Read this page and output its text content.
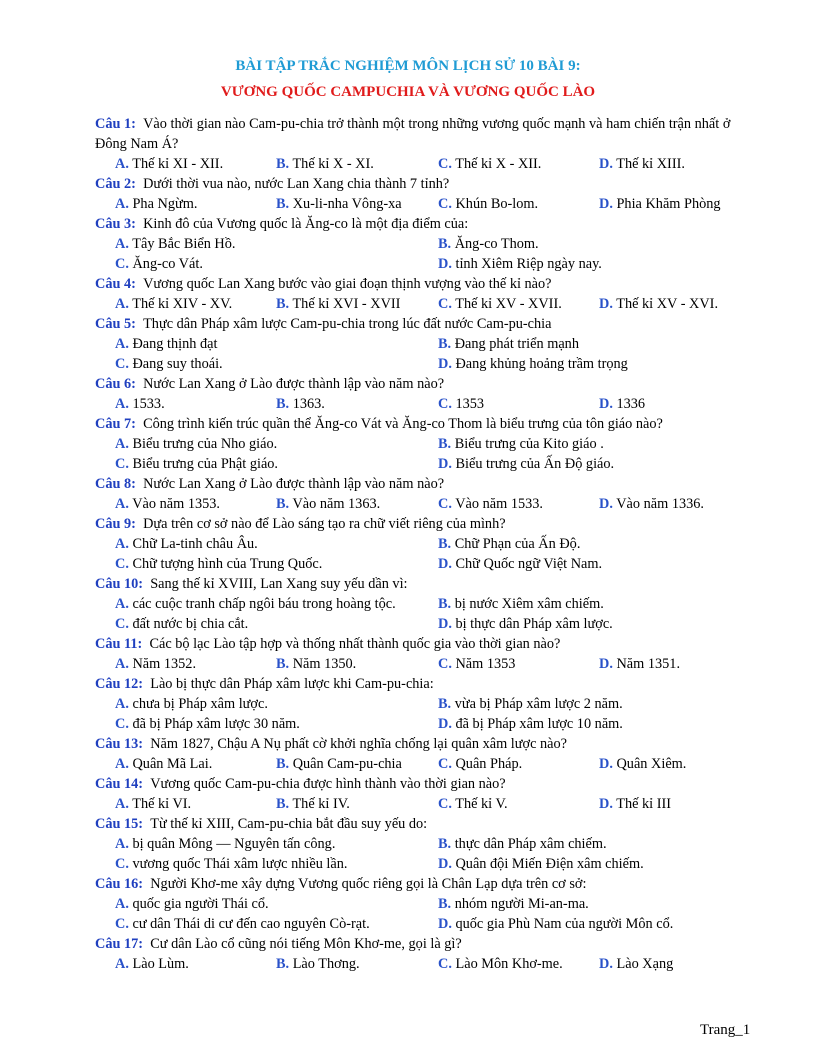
BÀI TẬP TRẮC NGHIỆM MÔN LỊCH SỬ 10 BÀI 9:
VƯƠNG QUỐC CAMPUCHIA VÀ VƯƠNG QUỐC LÀO
Câu 1: Vào thời gian nào Cam-pu-chia trở thành một trong những vương quốc mạnh và ham chiến trận nhất ở Đông Nam Á?
A. Thế kỉ XI - XII.	B. Thế kỉ X - XI.	C. Thế kỉ X - XII.	D. Thế kỉ XIII.
Câu 2: Dưới thời vua nào, nước Lan Xang chia thành 7 tỉnh?
A. Pha Ngừm.	B. Xu-li-nha Vông-xa	C. Khún Bo-lom.	D. Phia Khăm Phòng
Câu 3: Kinh đô của Vương quốc là Ăng-co là một địa điểm của:
A. Tây Bắc Biển Hồ.	B. Ăng-co Thom.
C. Ăng-co Vát.	D. tỉnh Xiêm Riệp ngày nay.
Câu 4: Vương quốc Lan Xang bước vào giai đoạn thịnh vượng vào thế kỉ nào?
A. Thế kỉ XIV - XV.	B. Thế kỉ XVI - XVII	C. Thế kỉ XV - XVII.	D. Thế kỉ XV - XVI.
Câu 5: Thực dân Pháp xâm lược Cam-pu-chia trong lúc đất nước Cam-pu-chia
A. Đang thịnh đạt	B. Đang phát triển mạnh
C. Đang suy thoái.	D. Đang khủng hoảng trầm trọng
Câu 6: Nước Lan Xang ở Lào được thành lập vào năm nào?
A. 1533.	B. 1363.	C. 1353	D. 1336
Câu 7: Công trình kiến trúc quần thể Ăng-co Vát và Ăng-co Thom là biểu trưng của tôn giáo nào?
A. Biểu trưng của Nho giáo.	B. Biểu trưng của Kito giáo .
C. Biểu trưng của Phật giáo.	D. Biểu trưng của Ấn Độ giáo.
Câu 8: Nước Lan Xang ở Lào được thành lập vào năm nào?
A. Vào năm 1353.	B. Vào năm 1363.	C. Vào năm 1533.	D. Vào năm 1336.
Câu 9: Dựa trên cơ sở nào để Lào sáng tạo ra chữ viết riêng của mình?
A. Chữ La-tinh châu Âu.	B. Chữ Phạn của Ấn Độ.
C. Chữ tượng hình của Trung Quốc.	D. Chữ Quốc ngữ Việt Nam.
Câu 10: Sang thế kỉ XVIII, Lan Xang suy yếu dần vì:
A. các cuộc tranh chấp ngôi báu trong hoàng tộc.	B. bị nước Xiêm xâm chiếm.
C. đất nước bị chia cắt.	D. bị thực dân Pháp xâm lược.
Câu 11: Các bộ lạc Lào tập hợp và thống nhất thành quốc gia vào thời gian nào?
A. Năm 1352.	B. Năm 1350.	C. Năm 1353	D. Năm 1351.
Câu 12: Lào bị thực dân Pháp xâm lược khi Cam-pu-chia:
A. chưa bị Pháp xâm lược.	B. vừa bị Pháp xâm lược 2 năm.
C. đã bị Pháp xâm lược 30 năm.	D. đã bị Pháp xâm lược 10 năm.
Câu 13: Năm 1827, Chậu A Nụ phất cờ khởi nghĩa chống lại quân xâm lược nào?
A. Quân Mã Lai.	B. Quân Cam-pu-chia	C. Quân Pháp.	D. Quân Xiêm.
Câu 14: Vương quốc Cam-pu-chia được hình thành vào thời gian nào?
A. Thế kỉ VI.	B. Thế kỉ IV.	C. Thế kỉ V.	D. Thế kỉ III
Câu 15: Từ thế kỉ XIII, Cam-pu-chia bắt đầu suy yếu do:
A. bị quân Mông — Nguyên tấn công.	B. thực dân Pháp xâm chiếm.
C. vương quốc Thái xâm lược nhiều lần.	D. Quân đội Miến Điện xâm chiếm.
Câu 16: Người Khơ-me xây dựng Vương quốc riêng gọi là Chân Lạp dựa trên cơ sở:
A. quốc gia người Thái cổ.	B. nhóm người Mi-an-ma.
C. cư dân Thái di cư đến cao nguyên Cò-rạt.	D. quốc gia Phù Nam của người Môn cổ.
Câu 17: Cư dân Lào cổ cũng nói tiếng Môn Khơ-me, gọi là gì?
A. Lào Lùm.	B. Lào Thơng.	C. Lào Môn Khơ-me.	D. Lào Xạng
Trang_1
